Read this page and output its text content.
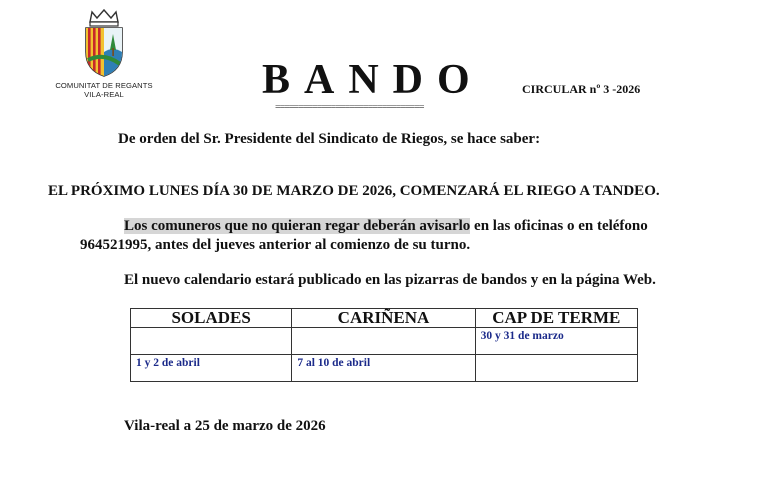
COMUNITAT DE REGANTS
VILA-REAL	BANDO
================================
CIRCULAR nº 3 -2026
De orden del Sr. Presidente del Sindicato de Riegos, se hace saber:
EL PRÓXIMO LUNES DÍA 30 DE MARZO DE 2026, COMENZARÁ EL RIEGO A TANDEO.
Los comuneros que no quieran regar deberán avisarlo en las oficinas o en teléfono
964521995, antes del jueves anterior al comienzo de su turno.
El nuevo calendario estará publicado en las pizarras de bandos y en la página Web.
SOLADES	CARIÑENA	CAP DE TERME
		30 y 31 de marzo
1 y 2 de abril	7 al 10 de abril	
Vila-real a 25 de marzo de 2026
